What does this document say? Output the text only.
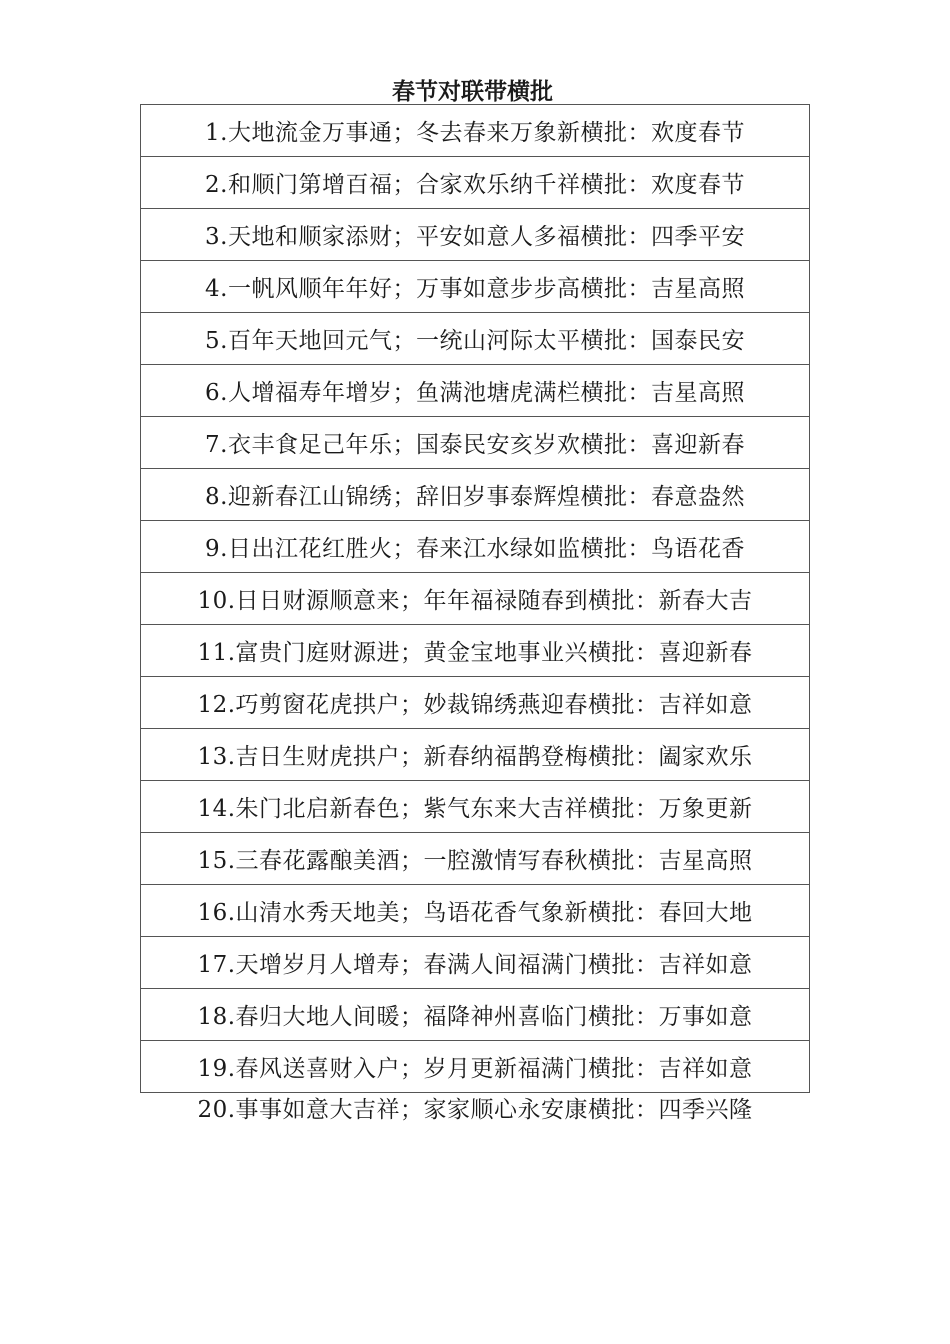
春节对联带横批
1.大地流金万事通；冬去春来万象新横批：欢度春节
2.和顺门第增百福；合家欢乐纳千祥横批：欢度春节
3.天地和顺家添财；平安如意人多福横批：四季平安
4.一帆风顺年年好；万事如意步步高横批：吉星高照
5.百年天地回元气；一统山河际太平横批：国泰民安
6.人增福寿年增岁；鱼满池塘虎满栏横批：吉星高照
7.衣丰食足己年乐；国泰民安亥岁欢横批：喜迎新春
8.迎新春江山锦绣；辞旧岁事泰辉煌横批：春意盎然
9.日出江花红胜火；春来江水绿如监横批：鸟语花香
10.日日财源顺意来；年年福禄随春到横批：新春大吉
11.富贵门庭财源进；黄金宝地事业兴横批：喜迎新春
12.巧剪窗花虎拱户；妙裁锦绣燕迎春横批：吉祥如意
13.吉日生财虎拱户；新春纳福鹊登梅横批：阖家欢乐
14.朱门北启新春色；紫气东来大吉祥横批：万象更新
15.三春花露酿美酒；一腔激情写春秋横批：吉星高照
16.山清水秀天地美；鸟语花香气象新横批：春回大地
17.天增岁月人增寿；春满人间福满门横批：吉祥如意
18.春归大地人间暖；福降神州喜临门横批：万事如意
19.春风送喜财入户；岁月更新福满门横批：吉祥如意
20.事事如意大吉祥；家家顺心永安康横批：四季兴隆
